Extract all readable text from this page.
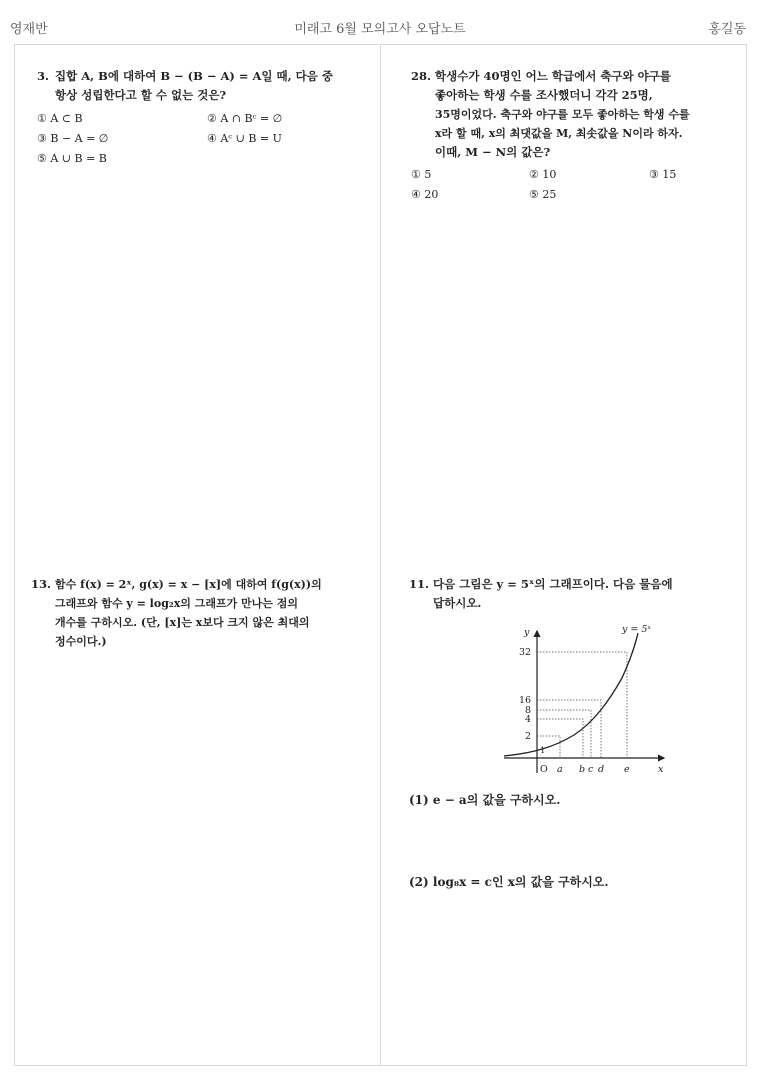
영재반	미래고 6월 모의고사 오답노트	홍길동
3. 집합 A, B에 대하여 B − (B − A) = A일 때, 다음 중
항상 성립한다고 할 수 없는 것은?
① A ⊂ B	② A ∩ Bᶜ = ∅
③ B − A = ∅	④ Aᶜ ∪ B = U
⑤ A ∪ B = B
28. 학생수가 40명인 어느 학급에서 축구와 야구를
좋아하는 학생 수를 조사했더니 각각 25명,
35명이었다. 축구와 야구를 모두 좋아하는 학생 수를
x라 할 때, x의 최댓값을 M, 최솟값을 N이라 하자.
이때, M − N의 값은?
① 5	② 10	③ 15
④ 20	⑤ 25
13. 함수 f(x) = 2ˣ, g(x) = x − [x]에 대하여 f(g(x))의
그래프와 함수 y = log₂x의 그래프가 만나는 점의
개수를 구하시오. (단, [x]는 x보다 크지 않은 최대의
정수이다.)
11. 다음 그림은 y = 5ˣ의 그래프이다. 다음 물음에
답하시오.
y
x
y = 5ˣ
O
1
2
4
8
16
32
a b c d e
(1) e − a의 값을 구하시오.
(2) log₈x = c인 x의 값을 구하시오.
